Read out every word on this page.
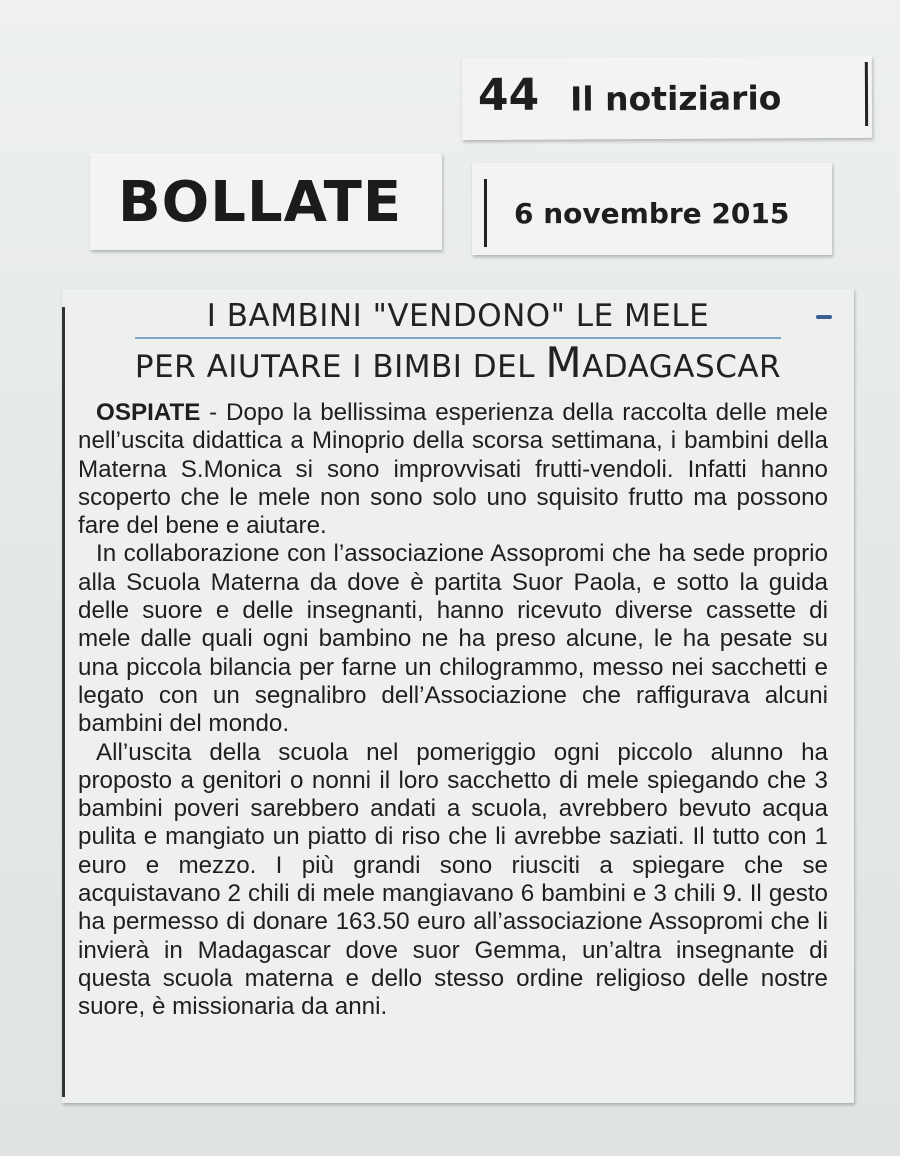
44 Il notiziario
BOLLATE	6 novembre 2015
I BAMBINI "VENDONO" LE MELE
PER AIUTARE I BIMBI DEL MADAGASCAR

OSPIATE - Dopo la bellissima esperienza della raccolta delle mele nell’uscita didattica a Minoprio della scorsa settimana, i bambini della Materna S.Monica si sono improvvisati frutti-vendoli. Infatti hanno scoperto che le mele non sono solo uno squisito frutto ma possono fare del bene e aiutare.

In collaborazione con l’associazione Assopromi che ha sede proprio alla Scuola Materna da dove è partita Suor Paola, e sotto la guida delle suore e delle insegnanti, hanno ricevuto diverse cassette di mele dalle quali ogni bambino ne ha preso alcune, le ha pesate su una piccola bilancia per farne un chilogrammo, messo nei sacchetti e legato con un segnalibro dell’Associazione che raffigurava alcuni bambini del mondo.

All’uscita della scuola nel pomeriggio ogni piccolo alunno ha proposto a genitori o nonni il loro sacchetto di mele spiegando che 3 bambini poveri sarebbero andati a scuola, avrebbero bevuto acqua pulita e mangiato un piatto di riso che li avrebbe saziati. Il tutto con 1 euro e mezzo. I più grandi sono riusciti a spiegare che se acquistavano 2 chili di mele mangiavano 6 bambini e 3 chili 9. Il gesto ha permesso di donare 163.50 euro all’associazione Assopromi che li invierà in Madagascar dove suor Gemma, un’altra insegnante di questa scuola materna e dello stesso ordine religioso delle nostre suore, è missionaria da anni.
